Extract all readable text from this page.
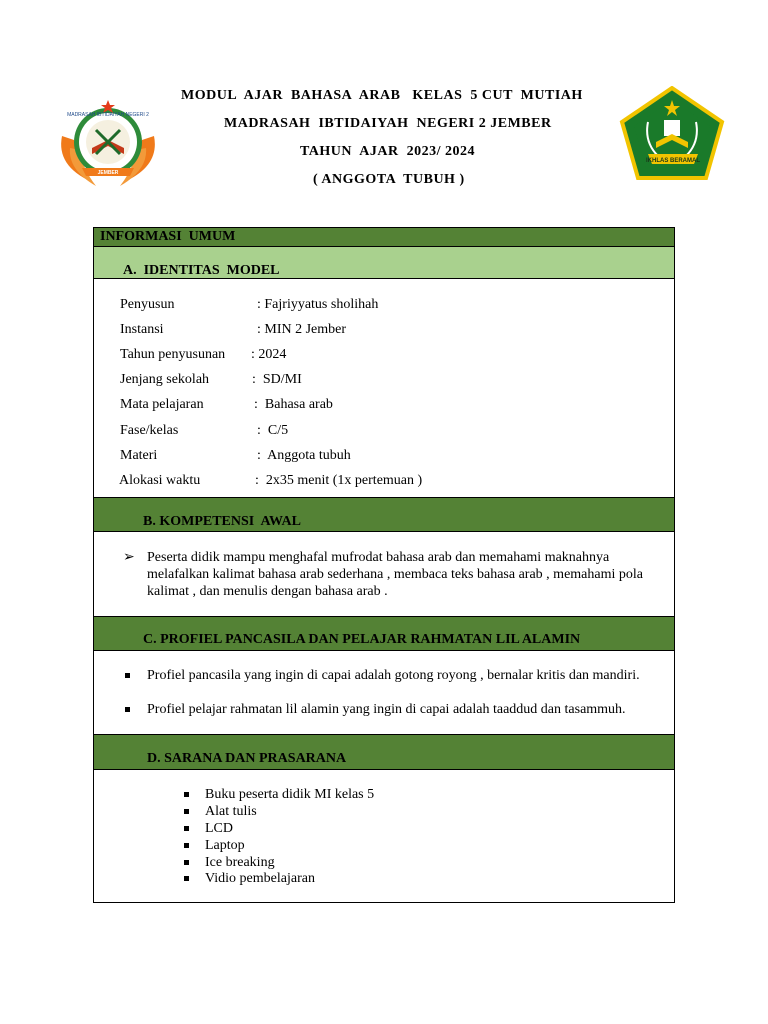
MADRASAH IBTIDAIYAH NEGERI 2
JEMBER
MODUL  AJAR  BAHASA  ARAB   KELAS  5 CUT  MUTIAH
MADRASAH  IBTIDAIYAH  NEGERI 2 JEMBER
TAHUN  AJAR  2023/ 2024
( ANGGOTA  TUBUH )
IKHLAS BERAMAL
INFORMASI  UMUM
A.  IDENTITAS  MODEL
Penyusun	: Fajriyyatus sholihah
Instansi	: MIN 2 Jember
Tahun penyusunan : 2024
Jenjang sekolah	:  SD/MI
Mata pelajaran	:  Bahasa arab
Fase/kelas	:  C/5
Materi	:  Anggota tubuh
Alokasi waktu	:  2x35 menit (1x pertemuan )
B. KOMPETENSI  AWAL
➢ Peserta didik mampu menghafal mufrodat bahasa arab dan memahami maknahnya melafalkan kalimat bahasa arab sederhana , membaca teks bahasa arab , memahami pola kalimat , dan menulis dengan bahasa arab .
C. PROFIEL PANCASILA DAN PELAJAR RAHMATAN LIL ALAMIN
Profiel pancasila yang ingin di capai adalah gotong royong , bernalar kritis dan mandiri.
Profiel pelajar rahmatan lil alamin yang ingin di capai adalah taaddud dan tasammuh.
D. SARANA DAN PRASARANA
Buku peserta didik MI kelas 5
Alat tulis
LCD
Laptop
Ice breaking
Vidio pembelajaran
